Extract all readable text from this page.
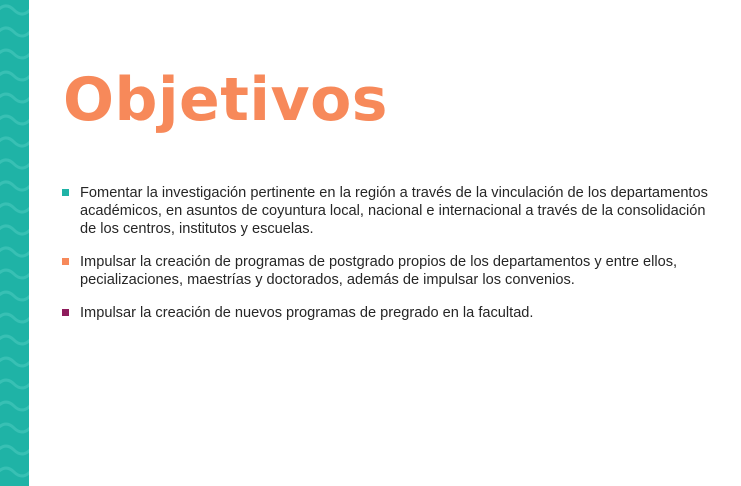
Objetivos
Fomentar la investigación pertinente en la región a través de la vinculación de los departamentos
académicos, en asuntos de coyuntura local, nacional e internacional a través de la consolidación
de los centros, institutos y escuelas.
Impulsar la creación de programas de postgrado propios de los departamentos y entre ellos,
pecializaciones, maestrías y doctorados, además de impulsar los convenios.
Impulsar la creación de nuevos programas de pregrado en la facultad.
